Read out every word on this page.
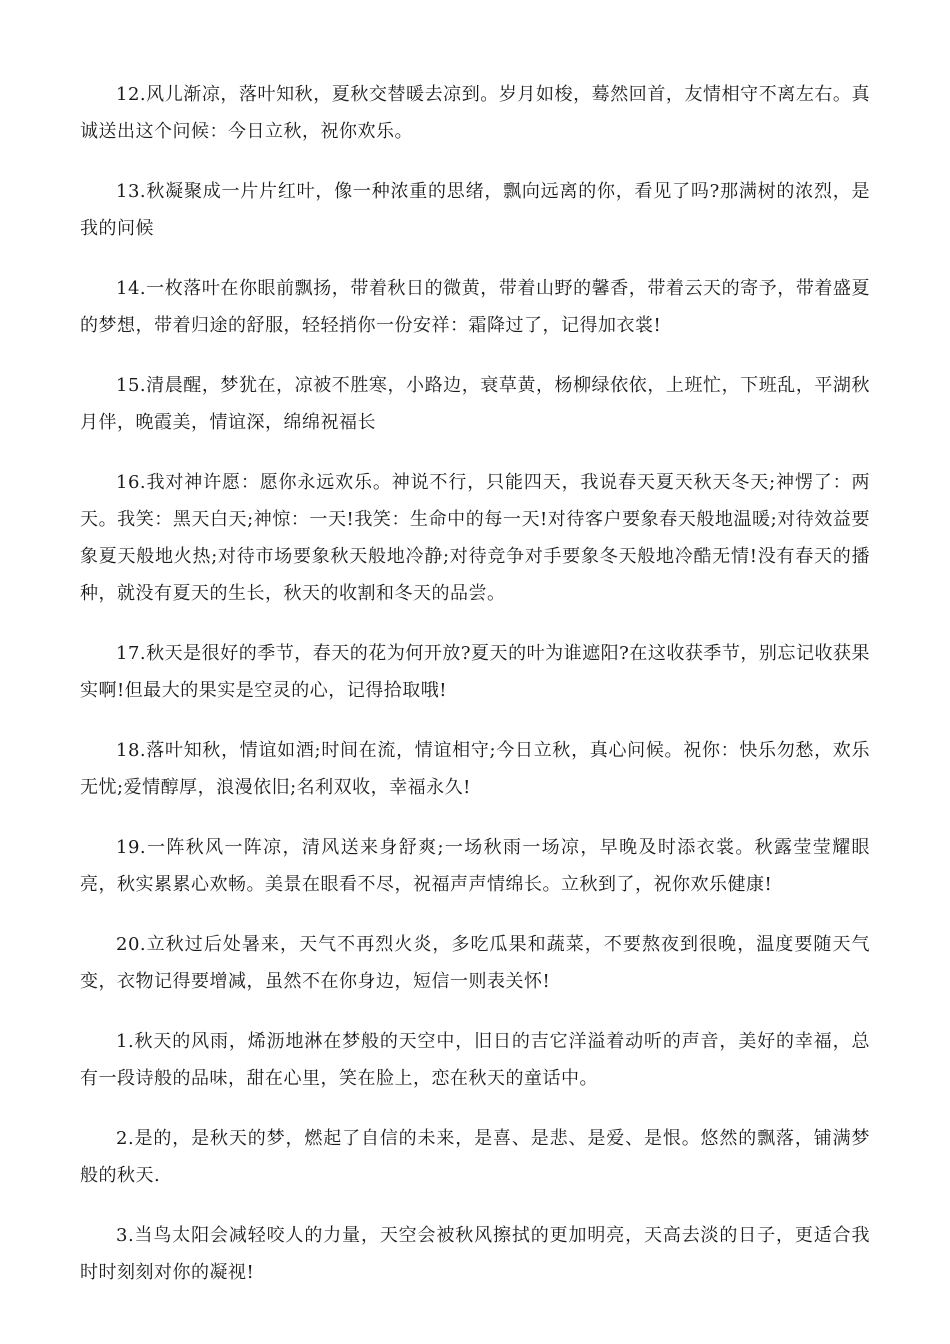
12.风儿渐凉，落叶知秋，夏秋交替暖去凉到。岁月如梭，蓦然回首，友情相守不离左右。真诚送出这个问候：今日立秋，祝你欢乐。

13.秋凝聚成一片片红叶，像一种浓重的思绪，飘向远离的你，看见了吗?那满树的浓烈，是我的问候

14.一枚落叶在你眼前飘扬，带着秋日的微黄，带着山野的馨香，带着云天的寄予，带着盛夏的梦想，带着归途的舒服，轻轻捎你一份安祥：霜降过了，记得加衣裳!

15.清晨醒，梦犹在，凉被不胜寒，小路边，衰草黄，杨柳绿依依，上班忙，下班乱，平湖秋月伴，晚霞美，情谊深，绵绵祝福长

16.我对神许愿：愿你永远欢乐。神说不行，只能四天，我说春天夏天秋天冬天;神愣了：两天。我笑：黑天白天;神惊：一天!我笑：生命中的每一天!对待客户要象春天般地温暖;对待效益要象夏天般地火热;对待市场要象秋天般地冷静;对待竞争对手要象冬天般地冷酷无情!没有春天的播种，就没有夏天的生长，秋天的收割和冬天的品尝。

17.秋天是很好的季节，春天的花为何开放?夏天的叶为谁遮阳?在这收获季节，别忘记收获果实啊!但最大的果实是空灵的心，记得拾取哦!

18.落叶知秋，情谊如酒;时间在流，情谊相守;今日立秋，真心问候。祝你：快乐勿愁，欢乐无忧;爱情醇厚，浪漫依旧;名利双收，幸福永久!

19.一阵秋风一阵凉，清风送来身舒爽;一场秋雨一场凉，早晚及时添衣裳。秋露莹莹耀眼亮，秋实累累心欢畅。美景在眼看不尽，祝福声声情绵长。立秋到了，祝你欢乐健康!

20.立秋过后处暑来，天气不再烈火炎，多吃瓜果和蔬菜，不要熬夜到很晚，温度要随天气变，衣物记得要增减，虽然不在你身边，短信一则表关怀!

1.秋天的风雨，烯沥地淋在梦般的天空中，旧日的吉它洋溢着动听的声音，美好的幸福，总有一段诗般的品味，甜在心里，笑在脸上，恋在秋天的童话中。

2.是的，是秋天的梦，燃起了自信的未来，是喜、是悲、是爱、是恨。悠然的飘落，铺满梦般的秋天.

3.当鸟太阳会减轻咬人的力量，天空会被秋风擦拭的更加明亮，天高去淡的日子，更适合我时时刻刻对你的凝视!
